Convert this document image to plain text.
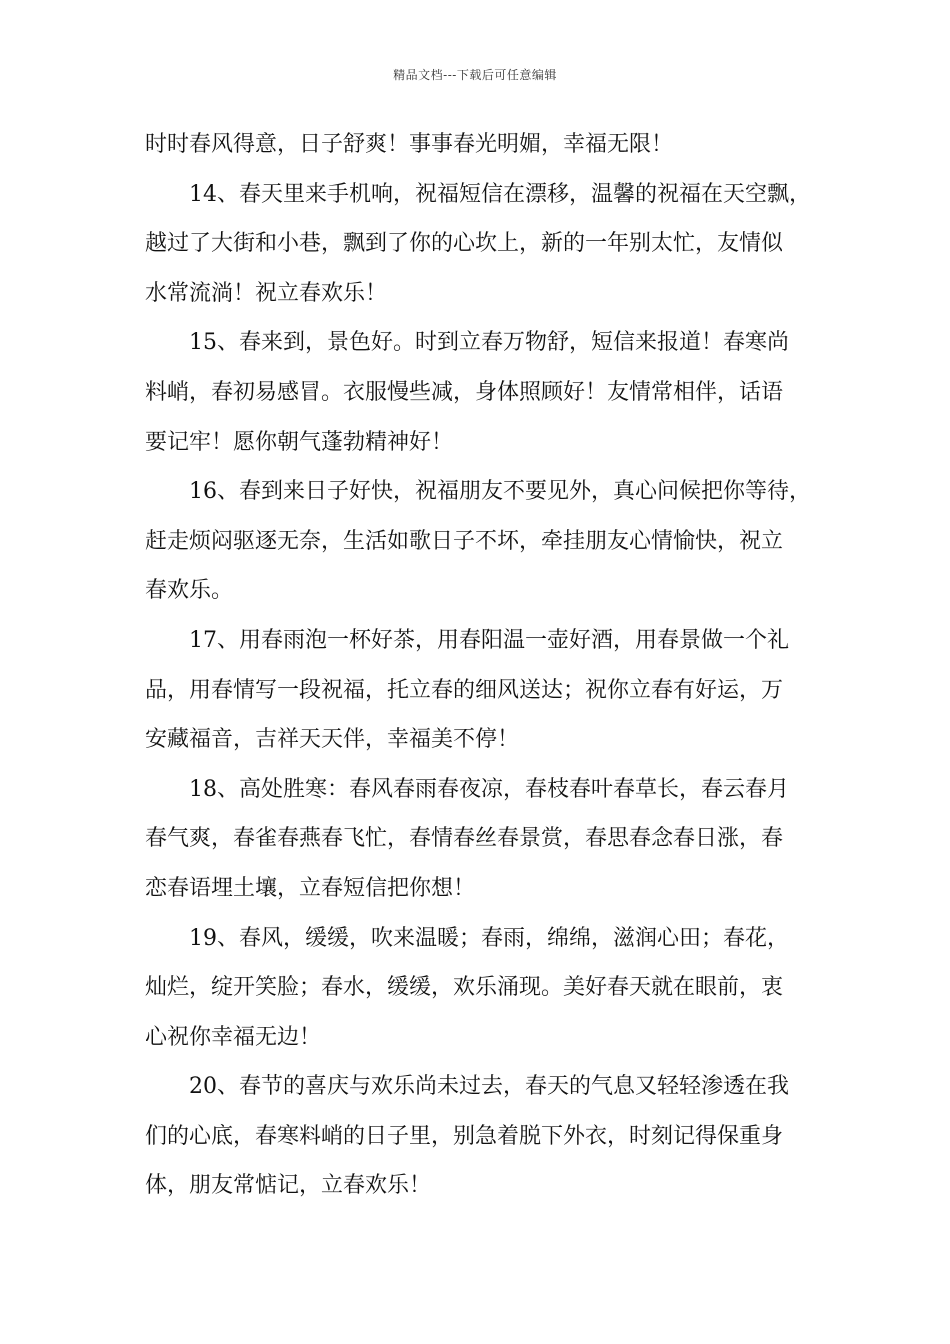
精品文档---下载后可任意编辑
时时春风得意，日子舒爽！事事春光明媚，幸福无限！
14、春天里来手机响，祝福短信在漂移，温馨的祝福在天空飘，
越过了大街和小巷，飘到了你的心坎上，新的一年别太忙，友情似
水常流淌！祝立春欢乐！
15、春来到，景色好。时到立春万物舒，短信来报道！春寒尚
料峭，春初易感冒。衣服慢些减，身体照顾好！友情常相伴，话语
要记牢！愿你朝气蓬勃精神好！
16、春到来日子好快，祝福朋友不要见外，真心问候把你等待，
赶走烦闷驱逐无奈，生活如歌日子不坏，牵挂朋友心情愉快，祝立
春欢乐。
17、用春雨泡一杯好茶，用春阳温一壶好酒，用春景做一个礼
品，用春情写一段祝福，托立春的细风送达；祝你立春有好运，万
安藏福音，吉祥天天伴，幸福美不停！
18、高处胜寒：春风春雨春夜凉，春枝春叶春草长，春云春月
春气爽，春雀春燕春飞忙，春情春丝春景赏，春思春念春日涨，春
恋春语埋土壤，立春短信把你想！
19、春风，缓缓，吹来温暖；春雨，绵绵，滋润心田；春花，
灿烂，绽开笑脸；春水，缓缓，欢乐涌现。美好春天就在眼前，衷
心祝你幸福无边！
20、春节的喜庆与欢乐尚未过去，春天的气息又轻轻渗透在我
们的心底，春寒料峭的日子里，别急着脱下外衣，时刻记得保重身
体，朋友常惦记，立春欢乐！
